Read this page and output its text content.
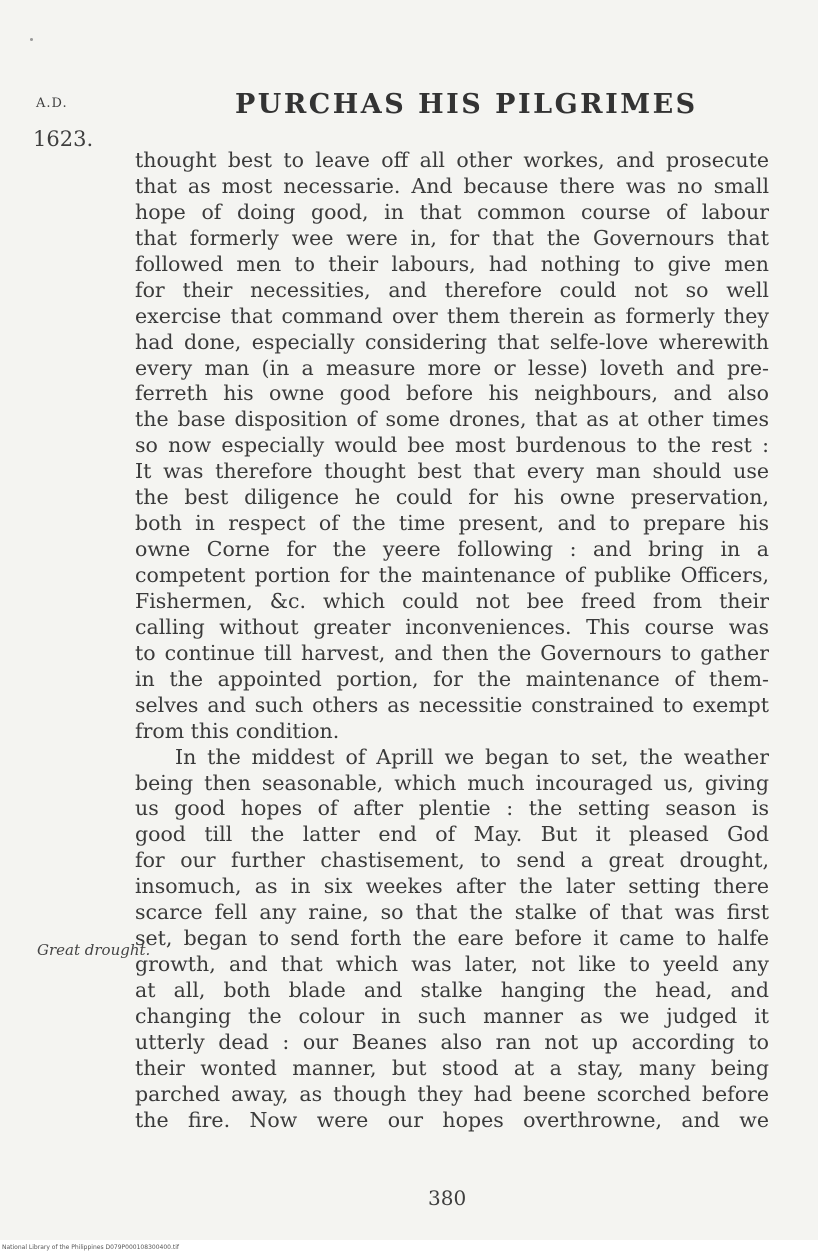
A.D.
1623.
PURCHAS HIS PILGRIMES
thought best to leave off all other workes, and prosecute
that as most necessarie. And because there was no small
hope of doing good, in that common course of labour
that formerly wee were in, for that the Governours that
followed men to their labours, had nothing to give men
for their necessities, and therefore could not so well
exercise that command over them therein as formerly they
had done, especially considering that selfe-love wherewith
every man (in a measure more or lesse) loveth and pre-
ferreth his owne good before his neighbours, and also
the base disposition of some drones, that as at other times
so now especially would bee most burdenous to the rest :
It was therefore thought best that every man should use
the best diligence he could for his owne preservation,
both in respect of the time present, and to prepare his
owne Corne for the yeere following : and bring in a
competent portion for the maintenance of publike Officers,
Fishermen, &c. which could not bee freed from their
calling without greater inconveniences. This course was
to continue till harvest, and then the Governours to gather
in the appointed portion, for the maintenance of them-
selves and such others as necessitie constrained to exempt
from this condition.
In the middest of Aprill we began to set, the weather
being then seasonable, which much incouraged us, giving
us good hopes of after plentie : the setting season is
good till the latter end of May. But it pleased God
for our further chastisement, to send a great drought,
insomuch, as in six weekes after the later setting there
scarce fell any raine, so that the stalke of that was first
set, began to send forth the eare before it came to halfe
growth, and that which was later, not like to yeeld any
at all, both blade and stalke hanging the head, and
changing the colour in such manner as we judged it
utterly dead : our Beanes also ran not up according to
their wonted manner, but stood at a stay, many being
parched away, as though they had beene scorched before
the fire. Now were our hopes overthrowne, and we
Great drought.
380
National Library of the Philippines D079P000108300400.tif
